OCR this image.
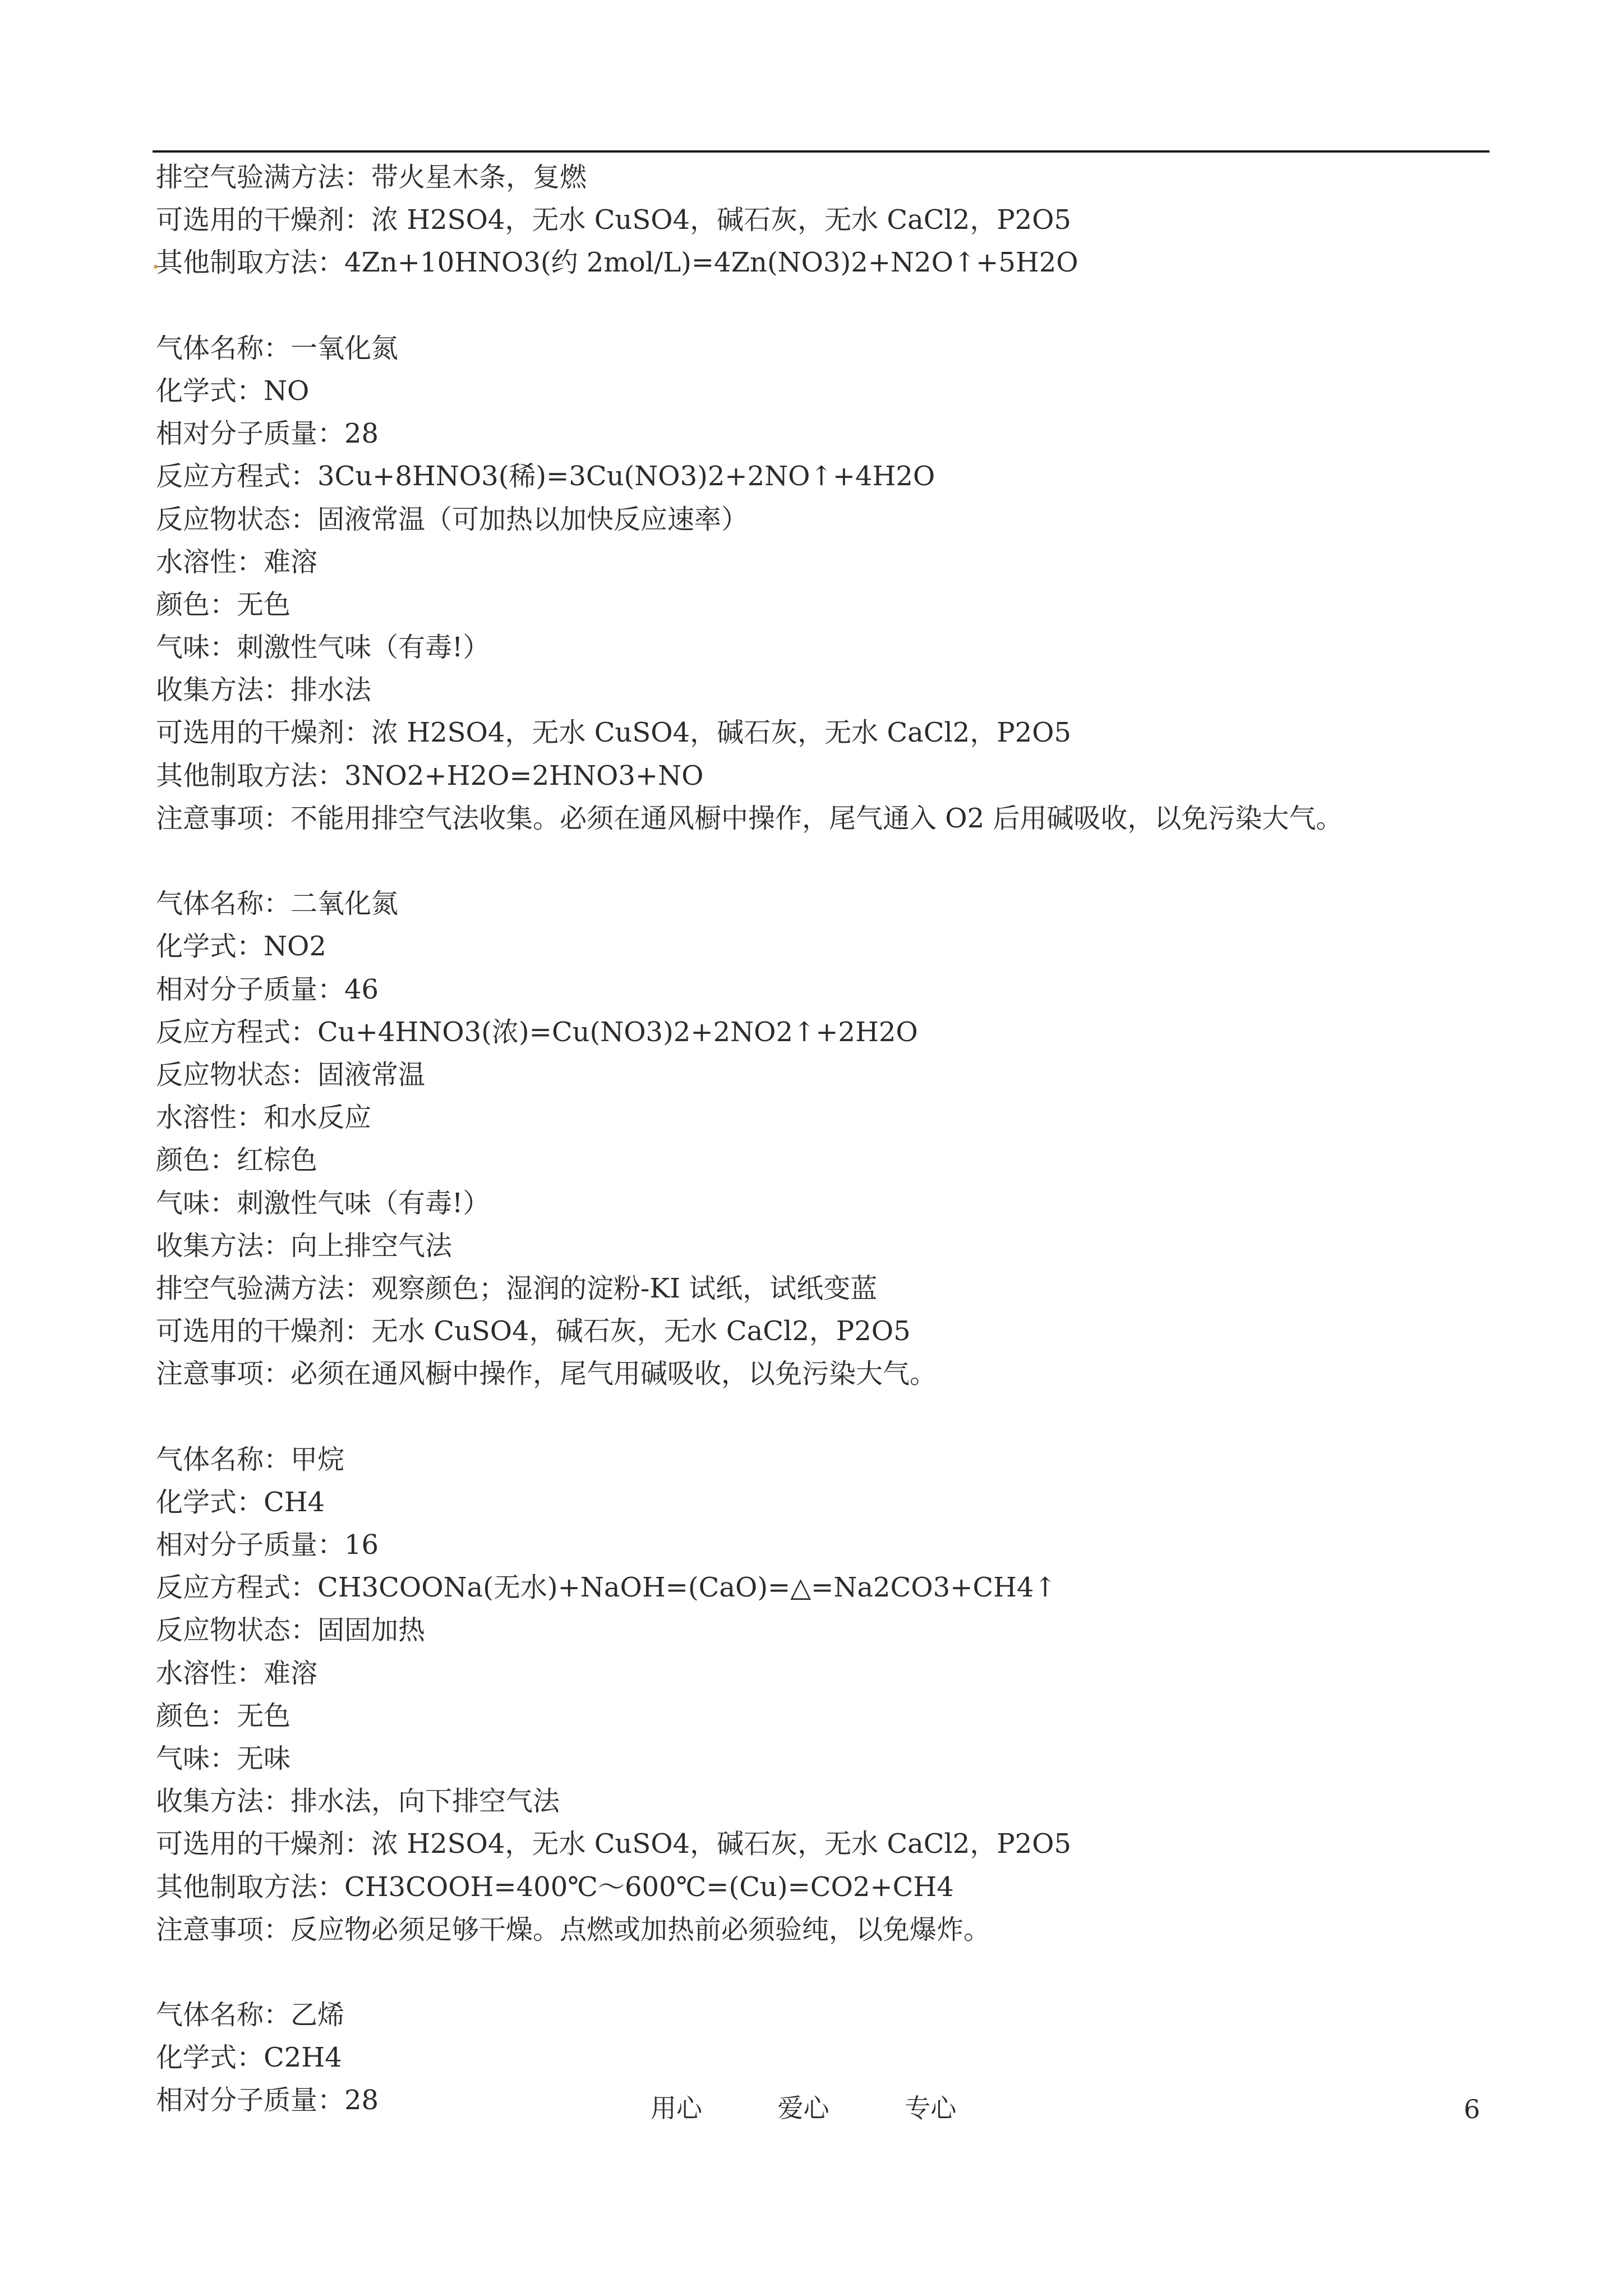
排空气验满方法：带火星木条，复燃
可选用的干燥剂：浓 H2SO4，无水 CuSO4，碱石灰，无水 CaCl2，P2O5
其他制取方法：4Zn+10HNO3(约 2mol/L)=4Zn(NO3)2+N2O↑+5H2O
气体名称：一氧化氮
化学式：NO
相对分子质量：28
反应方程式：3Cu+8HNO3(稀)=3Cu(NO3)2+2NO↑+4H2O
反应物状态：固液常温（可加热以加快反应速率）
水溶性：难溶
颜色：无色
气味：刺激性气味（有毒!）
收集方法：排水法
可选用的干燥剂：浓 H2SO4，无水 CuSO4，碱石灰，无水 CaCl2，P2O5
其他制取方法：3NO2+H2O=2HNO3+NO
注意事项：不能用排空气法收集。必须在通风橱中操作，尾气通入 O2 后用碱吸收，以免污染大气。
气体名称：二氧化氮
化学式：NO2
相对分子质量：46
反应方程式：Cu+4HNO3(浓)=Cu(NO3)2+2NO2↑+2H2O
反应物状态：固液常温
水溶性：和水反应
颜色：红棕色
气味：刺激性气味（有毒!）
收集方法：向上排空气法
排空气验满方法：观察颜色；湿润的淀粉-KI 试纸，试纸变蓝
可选用的干燥剂：无水 CuSO4，碱石灰，无水 CaCl2，P2O5
注意事项：必须在通风橱中操作，尾气用碱吸收，以免污染大气。
气体名称：甲烷
化学式：CH4
相对分子质量：16
反应方程式：CH3COONa(无水)+NaOH=(CaO)=△=Na2CO3+CH4↑
反应物状态：固固加热
水溶性：难溶
颜色：无色
气味：无味
收集方法：排水法，向下排空气法
可选用的干燥剂：浓 H2SO4，无水 CuSO4，碱石灰，无水 CaCl2，P2O5
其他制取方法：CH3COOH=400℃～600℃=(Cu)=CO2+CH4
注意事项：反应物必须足够干燥。点燃或加热前必须验纯，以免爆炸。
气体名称：乙烯
化学式：C2H4
相对分子质量：28	用心	爱心	专心	6
